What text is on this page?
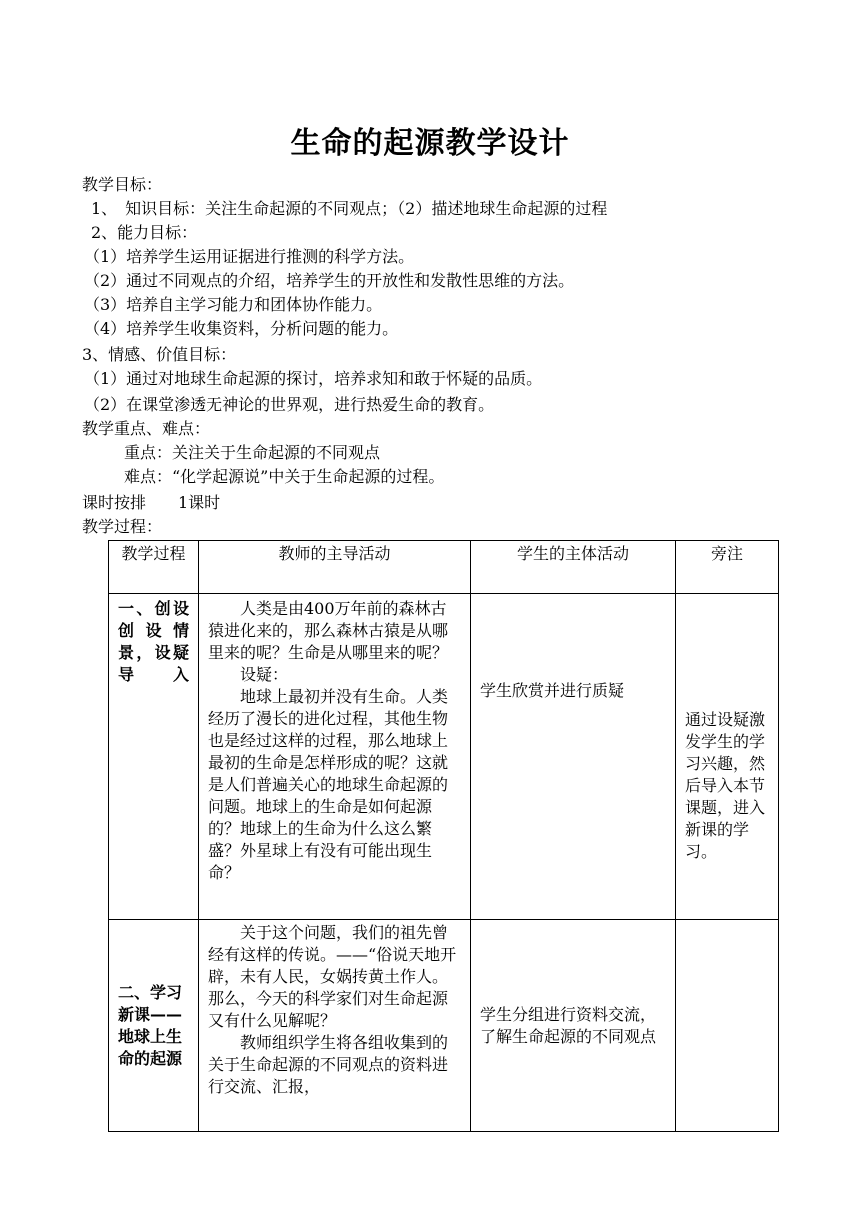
生命的起源教学设计
教学目标：
1、　知识目标：关注生命起源的不同观点；（2）描述地球生命起源的过程
2、能力目标：
（1）培养学生运用证据进行推测的科学方法。
（2）通过不同观点的介绍，培养学生的开放性和发散性思维的方法。
（3）培养自主学习能力和团体协作能力。
（4）培养学生收集资料，分析问题的能力。
3、情感、价值目标：
（1）通过对地球生命起源的探讨，培养求知和敢于怀疑的品质。
（2）在课堂渗透无神论的世界观，进行热爱生命的教育。
教学重点、难点：
重点：关注关于生命起源的不同观点
难点：“化学起源说”中关于生命起源的过程。
课时按排　　1课时
教学过程：
教学过程	教师的主导活动	学生的主体活动	旁注
一、创设创设情景，设疑导入	人类是由400万年前的森林古猿进化来的，那么森林古猿是从哪里来的呢？生命是从哪里来的呢？
设疑：
地球上最初并没有生命。人类经历了漫长的进化过程，其他生物也是经过这样的过程，那么地球上最初的生命是怎样形成的呢？这就是人们普遍关心的地球生命起源的问题。地球上的生命是如何起源的？地球上的生命为什么这么繁盛？外星球上有没有可能出现生命？	学生欣赏并进行质疑	通过设疑激发学生的学习兴趣，然后导入本节课题，进入新课的学习。
二、学习新课——地球上生命的起源	关于这个问题，我们的祖先曾经有这样的传说。——“俗说天地开辟，未有人民，女娲抟黄土作人。那么，今天的科学家们对生命起源又有什么见解呢？
教师组织学生将各组收集到的关于生命起源的不同观点的资料进行交流、汇报，	学生分组进行资料交流，了解生命起源的不同观点	
